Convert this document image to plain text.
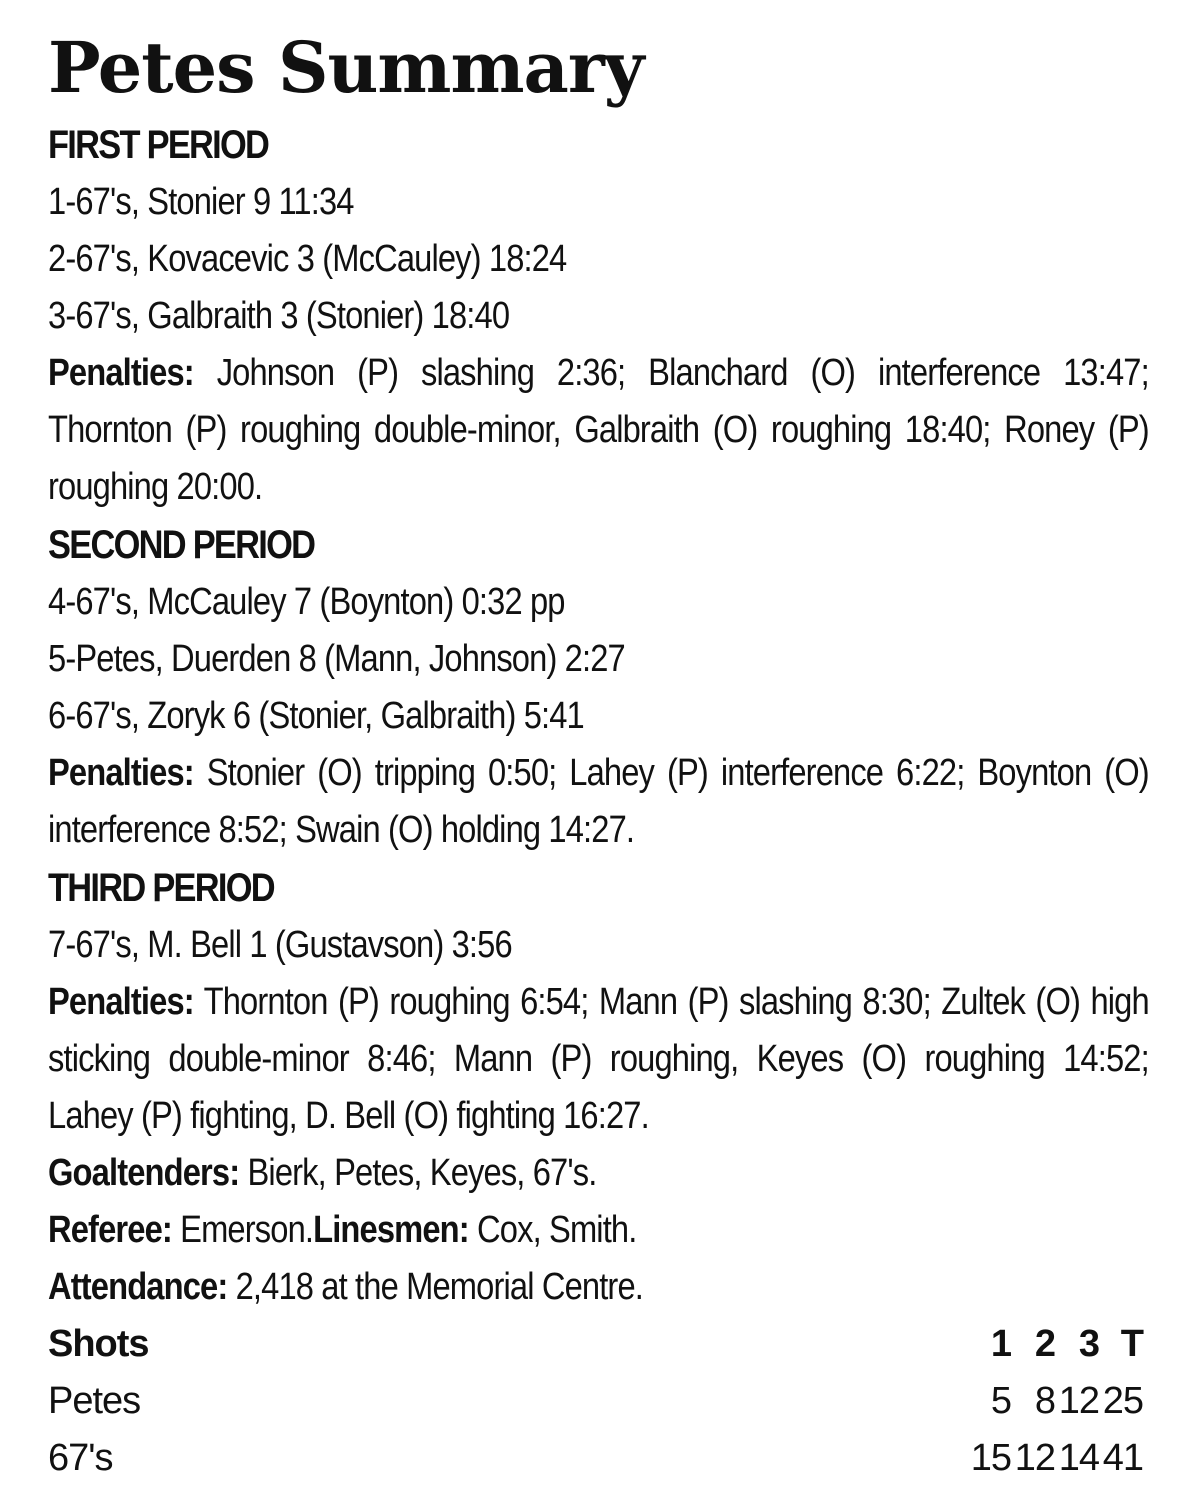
Petes Summary
FIRST PERIOD
1-67's, Stonier 9 11:34
2-67's, Kovacevic 3 (McCauley) 18:24
3-67's, Galbraith 3 (Stonier) 18:40
Penalties: Johnson (P) slashing 2:36; Blanchard (O) interference 13:47; Thornton (P) roughing double-minor, Galbraith (O) roughing 18:40; Roney (P) roughing 20:00.
SECOND PERIOD
4-67's, McCauley 7 (Boynton) 0:32 pp
5-Petes, Duerden 8 (Mann, Johnson) 2:27
6-67's, Zoryk 6 (Stonier, Galbraith) 5:41
Penalties: Stonier (O) tripping 0:50; Lahey (P) interference 6:22; Boynton (O) interference 8:52; Swain (O) holding 14:27.
THIRD PERIOD
7-67's, M. Bell 1 (Gustavson) 3:56
Penalties: Thornton (P) roughing 6:54; Mann (P) slashing 8:30; Zultek (O) high sticking double-minor 8:46; Mann (P) roughing, Keyes (O) roughing 14:52; Lahey (P) fighting, D. Bell (O) fighting 16:27.
Goaltenders: Bierk, Petes, Keyes, 67's.
Referee: Emerson.Linesmen: Cox, Smith.
Attendance: 2,418 at the Memorial Centre.
Shots	1	2	3	T
Petes	5	8	12	25
67's	15	12	14	41
